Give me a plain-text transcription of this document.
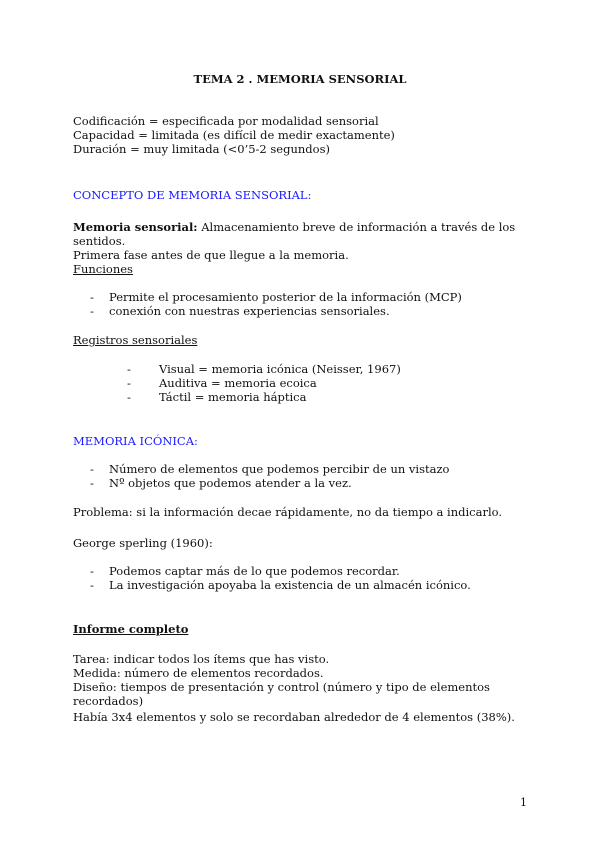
TEMA 2 . MEMORIA SENSORIAL
Codificación = especificada por modalidad sensorial
Capacidad = limitada (es difícil de medir exactamente)
Duración = muy limitada (<0’5-2 segundos)
CONCEPTO DE MEMORIA SENSORIAL:
Memoria sensorial: Almacenamiento breve de información a través de los sentidos.
Primera fase antes de que llegue a la memoria.
Funciones
- Permite el procesamiento posterior de la información (MCP)
- conexión con nuestras experiencias sensoriales.
Registros sensoriales
- Visual = memoria icónica (Neisser, 1967)
- Auditiva = memoria ecoica
- Táctil = memoria háptica
MEMORIA ICÓNICA:
- Número de elementos que podemos percibir de un vistazo
- Nº objetos que podemos atender a la vez.
Problema: si la información decae rápidamente, no da tiempo a indicarlo.
George sperling (1960):
- Podemos captar más de lo que podemos recordar.
- La investigación apoyaba la existencia de un almacén icónico.
Informe completo
Tarea: indicar todos los ítems que has visto.
Medida: número de elementos recordados.
Diseño: tiempos de presentación y control (número y tipo de elementos recordados)
Había 3x4 elementos y solo se recordaban alrededor de 4 elementos (38%).
1
